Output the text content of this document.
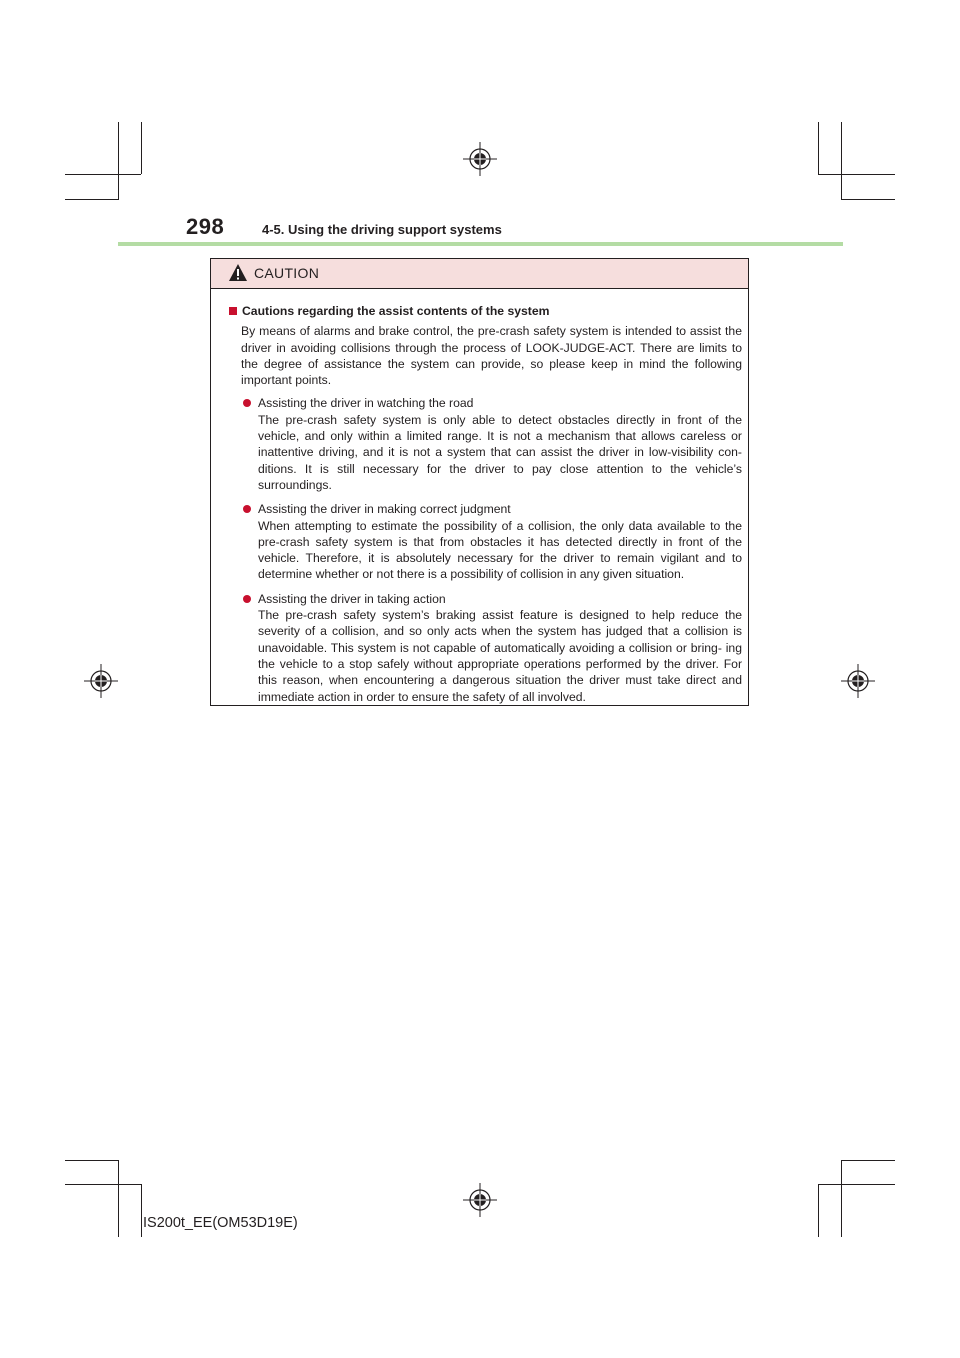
298	4-5. Using the driving support systems
CAUTION
Cautions regarding the assist contents of the system
By means of alarms and brake control, the pre-crash safety system is intended to assist the driver in avoiding collisions through the process of LOOK-JUDGE-ACT. There are limits to the degree of assistance the system can provide, so please keep in mind the following important points.
Assisting the driver in watching the road
The pre-crash safety system is only able to detect obstacles directly in front of the vehicle, and only within a limited range. It is not a mechanism that allows careless or inattentive driving, and it is not a system that can assist the driver in low-visibility con- ditions. It is still necessary for the driver to pay close attention to the vehicle’s surroundings.
Assisting the driver in making correct judgment
When attempting to estimate the possibility of a collision, the only data available to the pre-crash safety system is that from obstacles it has detected directly in front of the vehicle. Therefore, it is absolutely necessary for the driver to remain vigilant and to determine whether or not there is a possibility of collision in any given situation.
Assisting the driver in taking action
The pre-crash safety system’s braking assist feature is designed to help reduce the severity of a collision, and so only acts when the system has judged that a collision is unavoidable. This system is not capable of automatically avoiding a collision or bring- ing the vehicle to a stop safely without appropriate operations performed by the driver. For this reason, when encountering a dangerous situation the driver must take direct and immediate action in order to ensure the safety of all involved.
IS200t_EE(OM53D19E)
